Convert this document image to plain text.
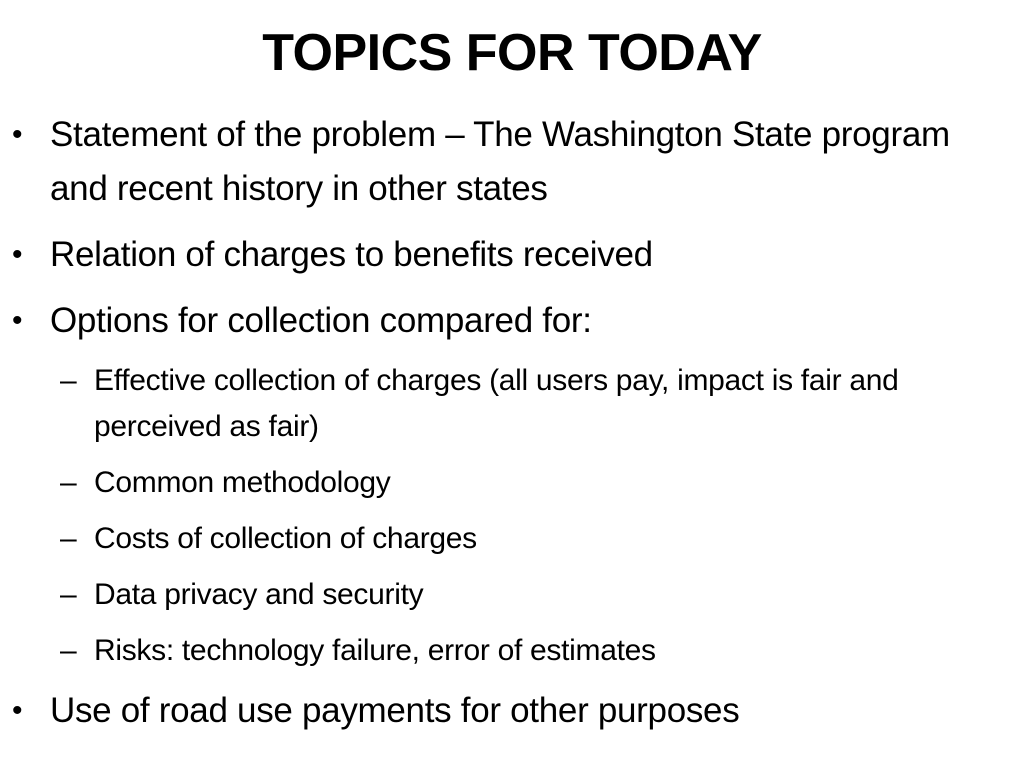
TOPICS FOR TODAY
• Statement of the problem – The Washington State program and recent history in other states
• Relation of charges to benefits received
• Options for collection compared for:
– Effective collection of charges (all users pay, impact is fair and perceived as fair)
– Common methodology
– Costs of collection of charges
– Data privacy and security
– Risks: technology failure, error of estimates
• Use of road use payments for other purposes
